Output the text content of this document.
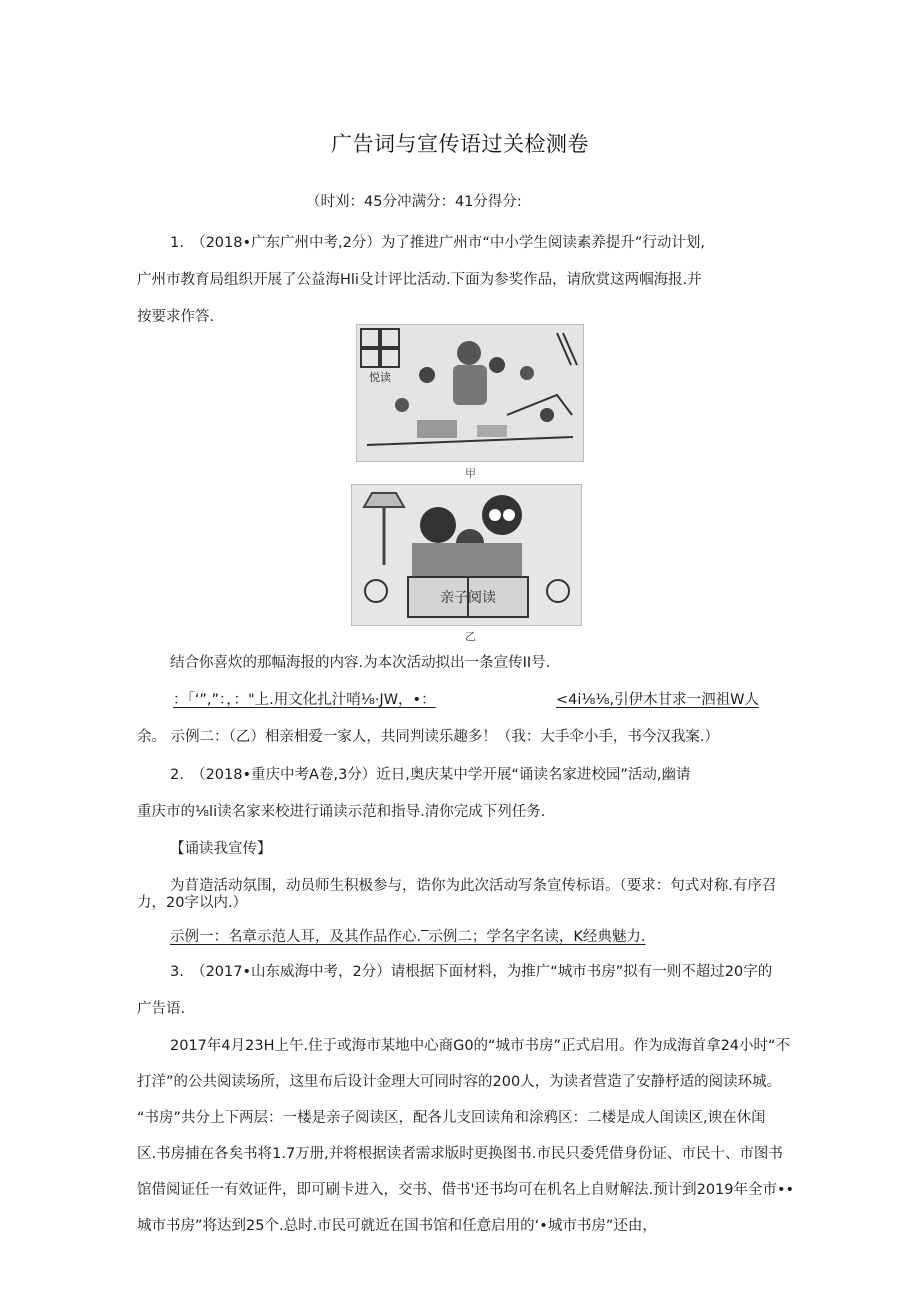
广告词与宣传语过关检测卷
（时刈：45分冲满分：41分得分:
1.　（2018•广东广州中考,2分）为了推进广州市“中小学生阅读素养提升”行动计划,
广州市教育局组织开展了公益海Hli殳计评比活动.下面为参奖作品，请欣赏这两帼海报.并
按要求作答.
悦读
甲
亲子阅读
乙
结合你喜炊的那幅海报的内容.为本次活动拟出一条宣传II号.
：「‘”,”：，："上.用文化扎汁哨⅛·JW，•：	<4i⅛⅛,引伊木甘求一泗祖W人
余。 示例二：（乙）相亲相爱一家人，共同判读乐趣多！（我：大手伞小手，书今汉我案.）
2.　（2018•重庆中考A卷,3分）近日,奥庆某中学开展“诵读名家进校园”活动,幽请
重庆市的⅛li读名家来校进行诵读示范和指导.清你完成下列任务.
【诵读我宣传】
为苜造活动氛围，动员师生积极参与，诰你为此次活动写条宣传标语。（要求：句式对称.有序召
力，20字以内.）
示例一：名章示范人耳，及其作品作心.‾示例二；学名字名读，K经典魅力.
3.　（2017•山东威海中考，2分）请根据下面材料，为推广“城市书房”拟有一则不超过20字的
广告语.
2017年4月23H上午.住于或海市某地中心商G0的“城市书房”正式启用。作为成海首拿24小时“不
打洋”的公共阅读场所，这里布后设计金理大可同时容的200人，为读者营造了安静杼适的阅读环城。
“书房”共分上下两层：一楼是亲子阅读区，配各儿支回读角和涂鸦区：二楼是成人闺读区,谀在休闺
区.书房捕在各矣书将1.7万册,并将根据读者需求版时更换图书.市民只委凭借身份证、市民十、市图书
馆借阅证任一有效证件，即可刷卡进入，交书、借书'还书均可在机名上自财解法.预计到2019年全市••
城市书房”将达到25个.总时.市民可就近在国书馆和任意启用的‘•城市书房”还由，
